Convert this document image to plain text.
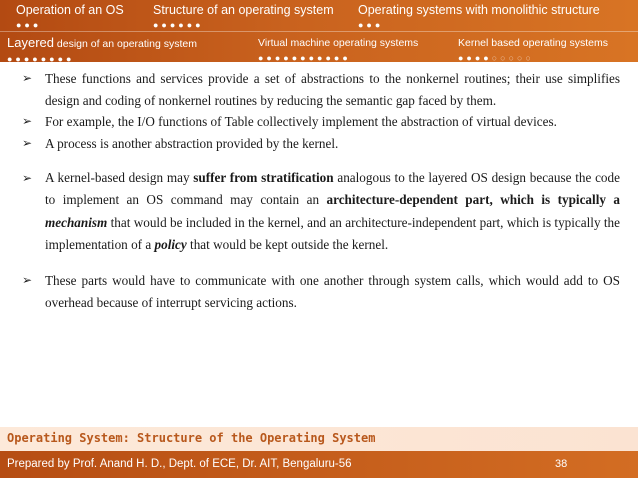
Operation of an OS
●●●
Structure of an operating system
●●●●●●
Operating systems with monolithic structure
●●●
Layered design of an operating system
●●●●●●●●
Virtual machine operating systems
●●●●●●●●●●●
Kernel based operating systems
●●●●○○○○○
➢ These functions and services provide a set of abstractions to the nonkernel routines; their use simplifies design and coding of nonkernel routines by reducing the semantic gap faced by them.
➢ For example, the I/O functions of Table collectively implement the abstraction of virtual devices.
➢ A process is another abstraction provided by the kernel.
➢ A kernel-based design may suffer from stratification analogous to the layered OS design because the code to implement an OS command may contain an architecture-dependent part, which is typically a mechanism that would be included in the kernel, and an architecture-independent part, which is typically the implementation of a policy that would be kept outside the kernel.
➢ These parts would have to communicate with one another through system calls, which would add to OS overhead because of interrupt servicing actions.
Operating System: Structure of the Operating System
Prepared by Prof. Anand H. D., Dept. of ECE, Dr. AIT, Bengaluru-56	38
